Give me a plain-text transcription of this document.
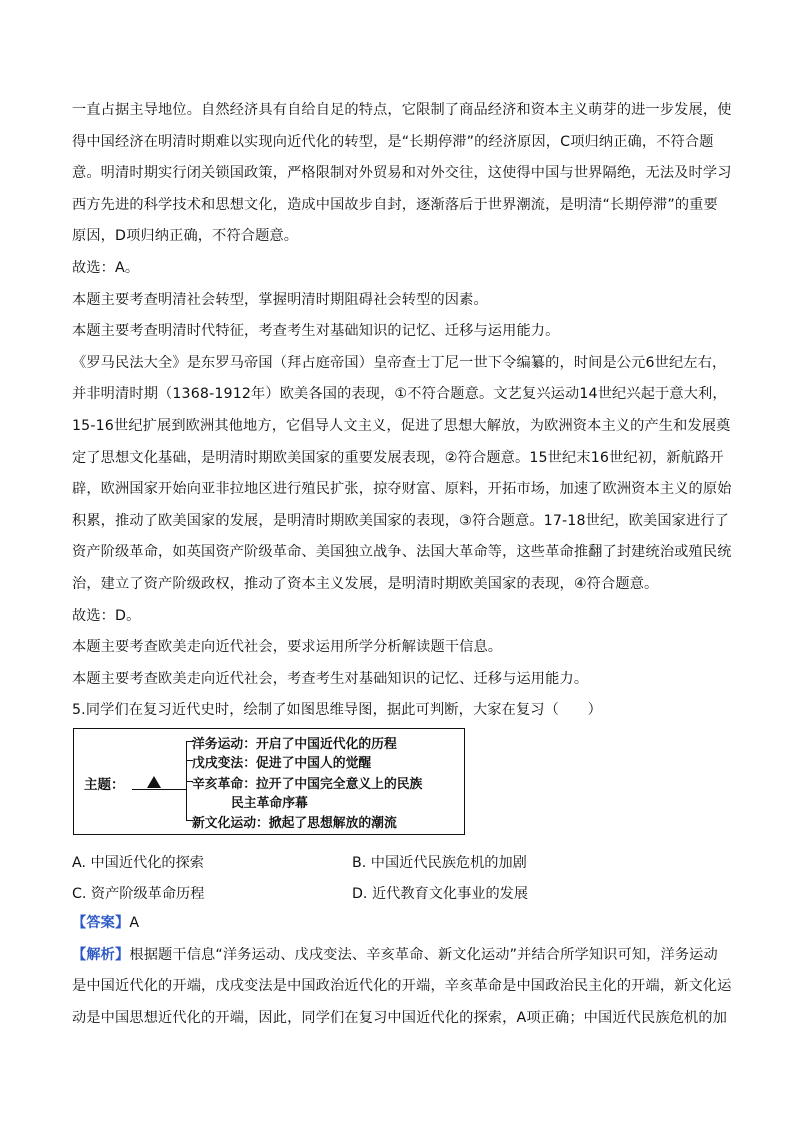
一直占据主导地位。自然经济具有自给自足的特点，它限制了商品经济和资本主义萌芽的进一步发展，使
得中国经济在明清时期难以实现向近代化的转型，是“长期停滞”的经济原因，C项归纳正确，不符合题
意。明清时期实行闭关锁国政策，严格限制对外贸易和对外交往，这使得中国与世界隔绝，无法及时学习
西方先进的科学技术和思想文化，造成中国故步自封，逐渐落后于世界潮流，是明清“长期停滞”的重要
原因，D项归纳正确，不符合题意。
故选：A。
本题主要考查明清社会转型，掌握明清时期阻碍社会转型的因素。
本题主要考查明清时代特征，考查考生对基础知识的记忆、迁移与运用能力。
《罗马民法大全》是东罗马帝国（拜占庭帝国）皇帝查士丁尼一世下令编纂的，时间是公元6世纪左右，
并非明清时期（1368-1912年）欧美各国的表现，①不符合题意。文艺复兴运动14世纪兴起于意大利，
15-16世纪扩展到欧洲其他地方，它倡导人文主义，促进了思想大解放，为欧洲资本主义的产生和发展奠
定了思想文化基础，是明清时期欧美国家的重要发展表现，②符合题意。15世纪末16世纪初，新航路开
辟，欧洲国家开始向亚非拉地区进行殖民扩张，掠夺财富、原料，开拓市场，加速了欧洲资本主义的原始
积累，推动了欧美国家的发展，是明清时期欧美国家的表现，③符合题意。17-18世纪，欧美国家进行了
资产阶级革命，如英国资产阶级革命、美国独立战争、法国大革命等，这些革命推翻了封建统治或殖民统
治，建立了资产阶级政权，推动了资本主义发展，是明清时期欧美国家的表现，④符合题意。
故选：D。
本题主要考查欧美走向近代社会，要求运用所学分析解读题干信息。
本题主要考查欧美走向近代社会，考查考生对基础知识的记忆、迁移与运用能力。
5.同学们在复习近代史时，绘制了如图思维导图，据此可判断，大家在复习（　　）
主题：
洋务运动：开启了中国近代化的历程
戊戌变法：促进了中国人的觉醒
辛亥革命：拉开了中国完全意义上的民族
民主革命序幕
新文化运动：掀起了思想解放的潮流
A. 中国近代化的探索	B. 中国近代民族危机的加剧
C. 资产阶级革命历程	D. 近代教育文化事业的发展
【答案】A
【解析】根据题干信息“洋务运动、戊戌变法、辛亥革命、新文化运动”并结合所学知识可知，洋务运动
是中国近代化的开端，戊戌变法是中国政治近代化的开端，辛亥革命是中国政治民主化的开端，新文化运
动是中国思想近代化的开端，因此，同学们在复习中国近代化的探索，A项正确；中国近代民族危机的加
